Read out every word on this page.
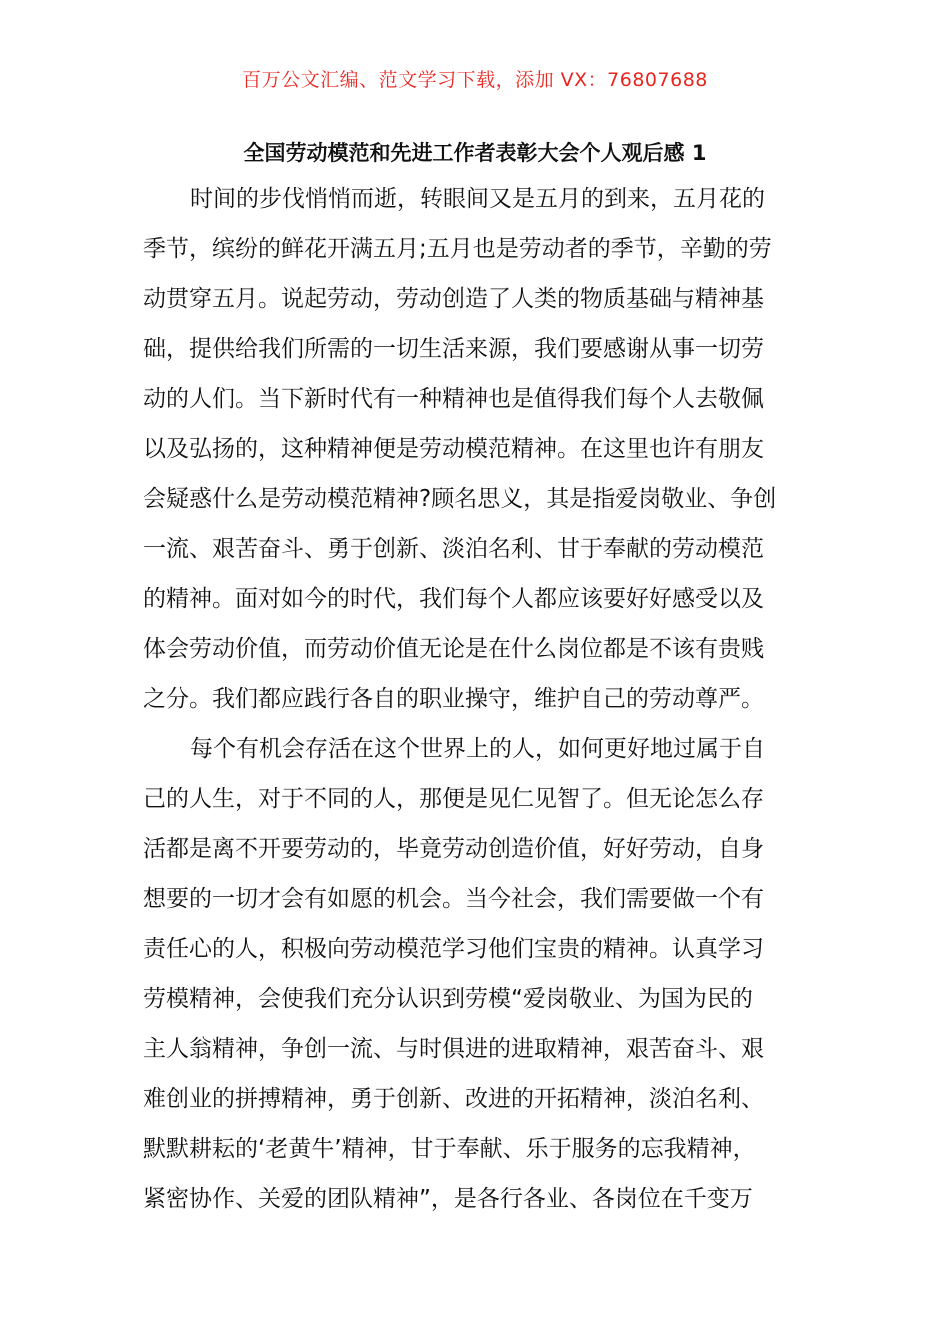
百万公文汇编、范文学习下载，添加 VX：76807688
全国劳动模范和先进工作者表彰大会个人观后感 1
时间的步伐悄悄而逝，转眼间又是五月的到来，五月花的
季节，缤纷的鲜花开满五月;五月也是劳动者的季节，辛勤的劳
动贯穿五月。说起劳动，劳动创造了人类的物质基础与精神基
础，提供给我们所需的一切生活来源，我们要感谢从事一切劳
动的人们。当下新时代有一种精神也是值得我们每个人去敬佩
以及弘扬的，这种精神便是劳动模范精神。在这里也许有朋友
会疑惑什么是劳动模范精神?顾名思义，其是指爱岗敬业、争创
一流、艰苦奋斗、勇于创新、淡泊名利、甘于奉献的劳动模范
的精神。面对如今的时代，我们每个人都应该要好好感受以及
体会劳动价值，而劳动价值无论是在什么岗位都是不该有贵贱
之分。我们都应践行各自的职业操守，维护自己的劳动尊严。
每个有机会存活在这个世界上的人，如何更好地过属于自
己的人生，对于不同的人，那便是见仁见智了。但无论怎么存
活都是离不开要劳动的，毕竟劳动创造价值，好好劳动，自身
想要的一切才会有如愿的机会。当今社会，我们需要做一个有
责任心的人，积极向劳动模范学习他们宝贵的精神。认真学习
劳模精神，会使我们充分认识到劳模“爱岗敬业、为国为民的
主人翁精神，争创一流、与时俱进的进取精神，艰苦奋斗、艰
难创业的拼搏精神，勇于创新、改进的开拓精神，淡泊名利、
默默耕耘的‘老黄牛’精神，甘于奉献、乐于服务的忘我精神，
紧密协作、关爱的团队精神”，是各行各业、各岗位在千变万
